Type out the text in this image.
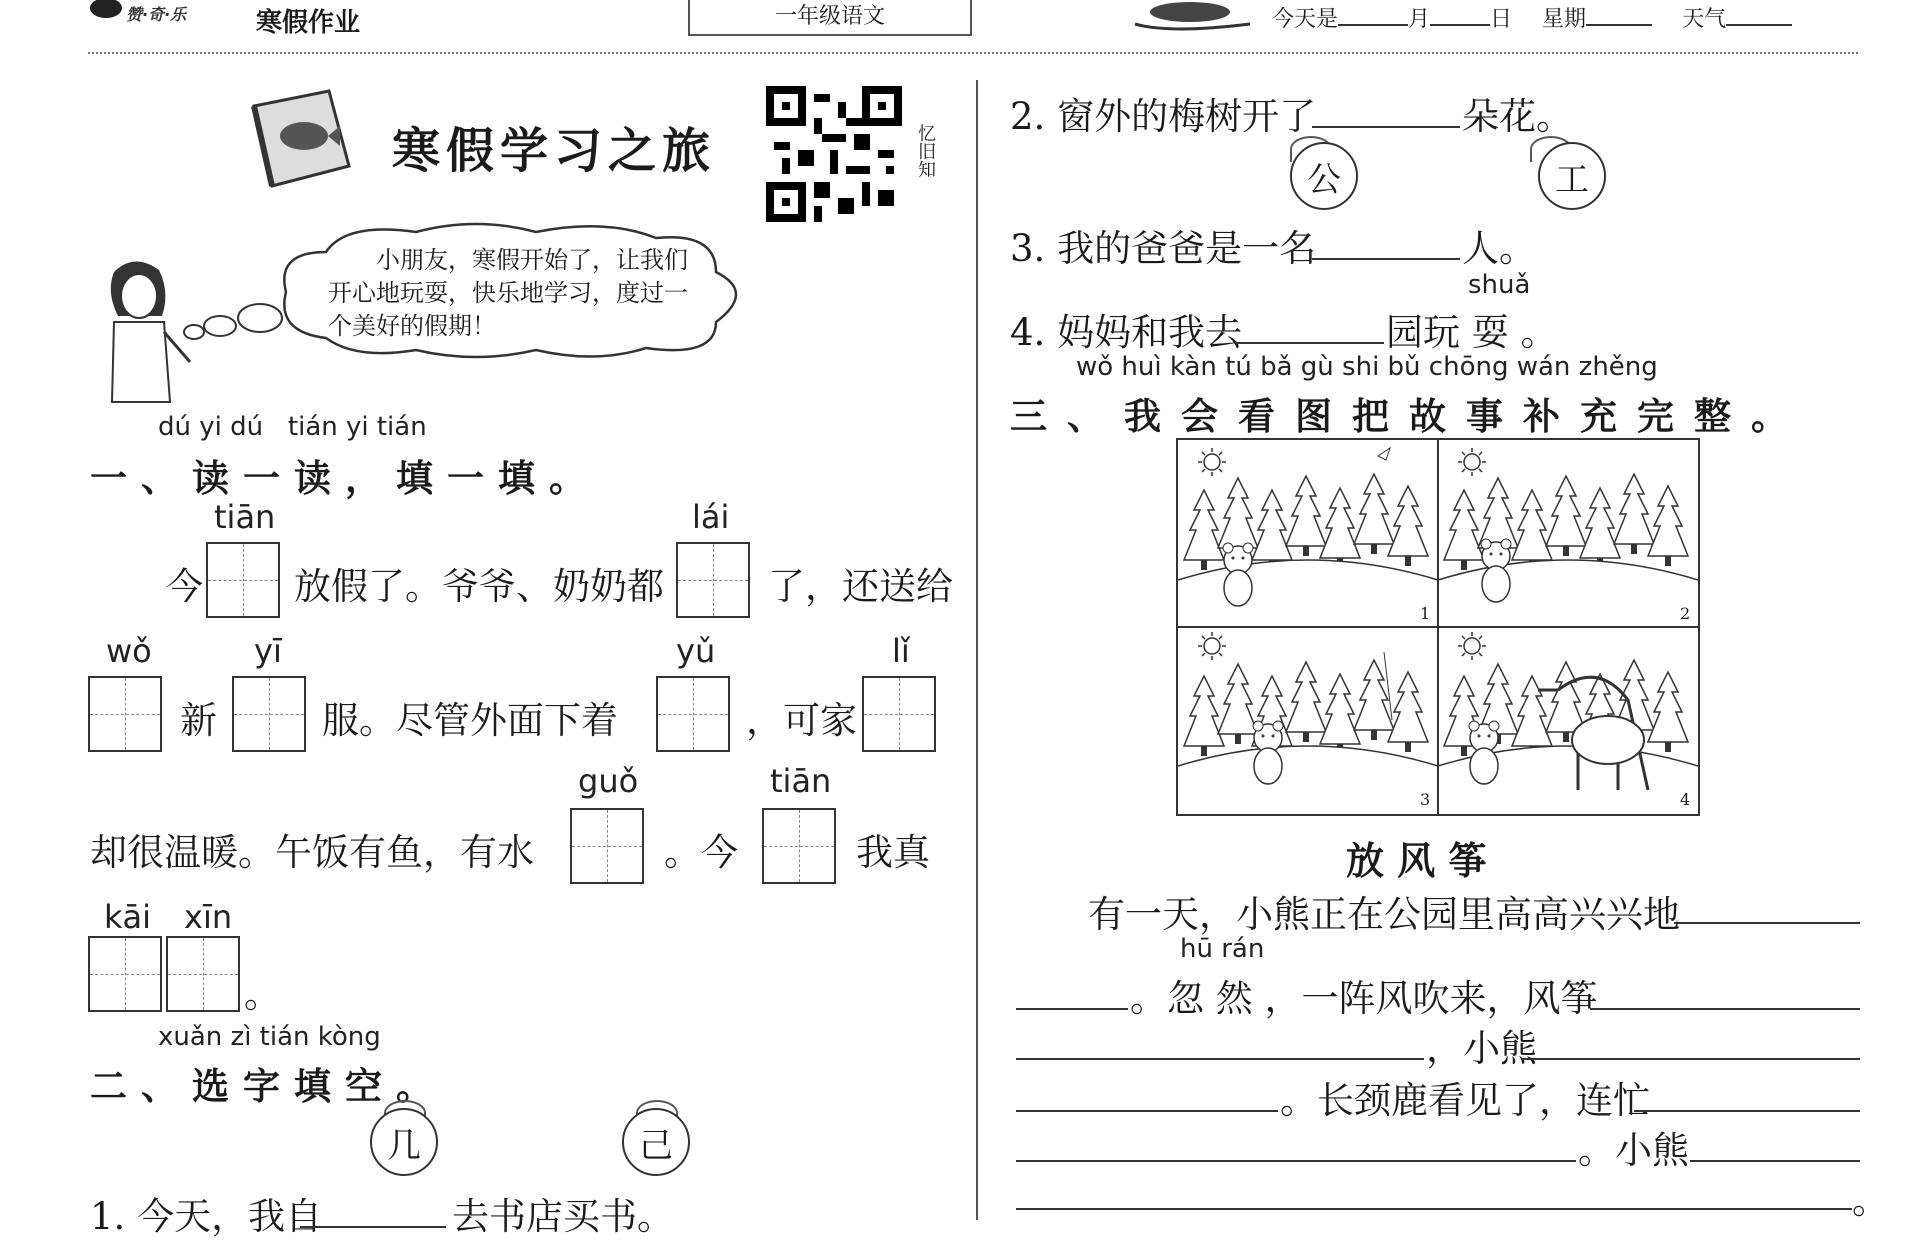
赞·奇·乐	寒假作业	一年级语文	今天是	月	日 星期	天气
寒假学习之旅	忆旧知
小朋友，寒假开始了，让我们开心地玩耍，快乐地学习，度过一个美好的假期！
dú yi dú   tián yi tián
一、读一读，填一填。
tiān	lái
今 放假了。爷爷、奶奶都	了，还送给
wǒ	yī	yǔ	lǐ
新	服。尽管外面下着	，可家
guǒ	tiān
却很温暖。午饭有鱼，有水	。今	我真
kāi xīn
。
xuǎn zì tián kòng
二、选字填空。
几	己
1. 今天，我自	去书店买书。
2. 窗外的梅树开了	朵花。
公	工
3. 我的爸爸是一名	人。
shuǎ
4. 妈妈和我去	园玩 耍 。
wǒ huì kàn tú bǎ gù shi bǔ chōng wán zhěng
三、我会看图把故事补充完整。
1	2
3	4
放 风 筝
有一天，小熊正在公园里高高兴兴地
hū rán
。忽 然 ，一阵风吹来，风筝
，小熊
。长颈鹿看见了，连忙
。小熊
。
